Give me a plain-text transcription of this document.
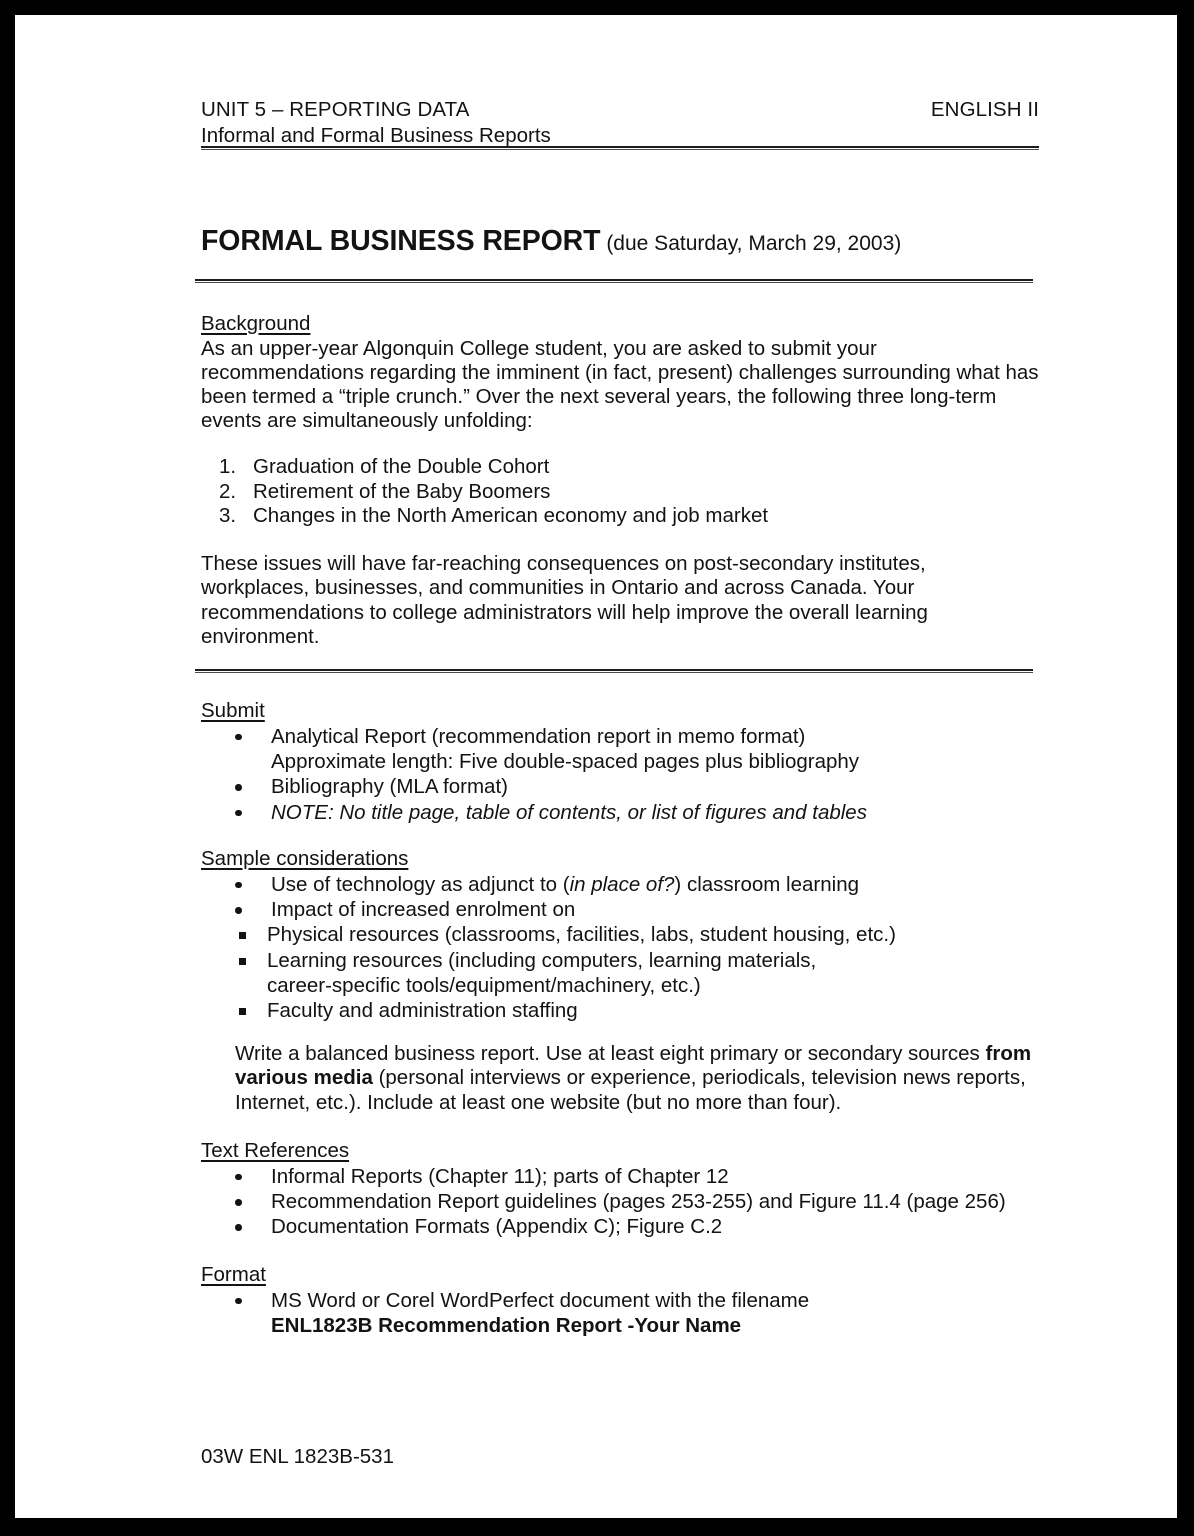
UNIT 5 – REPORTING DATA	ENGLISH II
Informal and Formal Business Reports
FORMAL BUSINESS REPORT (due Saturday, March 29, 2003)
Background
As an upper-year Algonquin College student, you are asked to submit your recommendations regarding the imminent (in fact, present) challenges surrounding what has been termed a “triple crunch.” Over the next several years, the following three long-term events are simultaneously unfolding:
1. Graduation of the Double Cohort
2. Retirement of the Baby Boomers
3. Changes in the North American economy and job market
These issues will have far-reaching consequences on post-secondary institutes, workplaces, businesses, and communities in Ontario and across Canada. Your recommendations to college administrators will help improve the overall learning environment.
Submit
Analytical Report (recommendation report in memo format)
Approximate length: Five double-spaced pages plus bibliography
Bibliography (MLA format)
NOTE: No title page, table of contents, or list of figures and tables
Sample considerations
Use of technology as adjunct to (in place of?) classroom learning
Impact of increased enrolment on
Physical resources (classrooms, facilities, labs, student housing, etc.)
Learning resources (including computers, learning materials,
career-specific tools/equipment/machinery, etc.)
Faculty and administration staffing
Write a balanced business report. Use at least eight primary or secondary sources from various media (personal interviews or experience, periodicals, television news reports, Internet, etc.). Include at least one website (but no more than four).
Text References
Informal Reports (Chapter 11); parts of Chapter 12
Recommendation Report guidelines (pages 253-255) and Figure 11.4 (page 256)
Documentation Formats (Appendix C); Figure C.2
Format
MS Word or Corel WordPerfect document with the filename
ENL1823B Recommendation Report -Your Name
03W ENL 1823B-531
